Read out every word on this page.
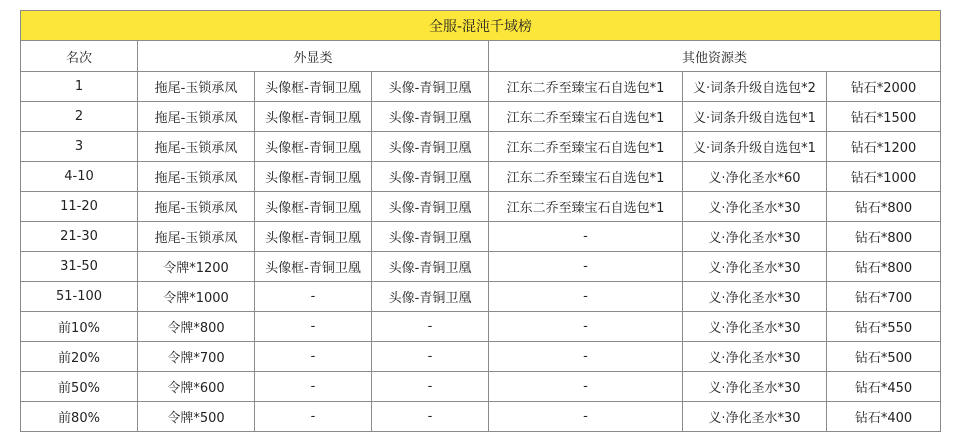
全服-混沌千域榜						
名次	外显类			其他资源类		
1	拖尾-玉锁承凤	头像框-青铜卫凰	头像-青铜卫凰	江东二乔至臻宝石自选包*1	义·词条升级自选包*2	钻石*2000
2	拖尾-玉锁承凤	头像框-青铜卫凰	头像-青铜卫凰	江东二乔至臻宝石自选包*1	义·词条升级自选包*1	钻石*1500
3	拖尾-玉锁承凤	头像框-青铜卫凰	头像-青铜卫凰	江东二乔至臻宝石自选包*1	义·词条升级自选包*1	钻石*1200
4-10	拖尾-玉锁承凤	头像框-青铜卫凰	头像-青铜卫凰	江东二乔至臻宝石自选包*1	义·净化圣水*60	钻石*1000
11-20	拖尾-玉锁承凤	头像框-青铜卫凰	头像-青铜卫凰	江东二乔至臻宝石自选包*1	义·净化圣水*30	钻石*800
21-30	拖尾-玉锁承凤	头像框-青铜卫凰	头像-青铜卫凰	-	义·净化圣水*30	钻石*800
31-50	令牌*1200	头像框-青铜卫凰	头像-青铜卫凰	-	义·净化圣水*30	钻石*800
51-100	令牌*1000	-	头像-青铜卫凰	-	义·净化圣水*30	钻石*700
前10%	令牌*800	-	-	-	义·净化圣水*30	钻石*550
前20%	令牌*700	-	-	-	义·净化圣水*30	钻石*500
前50%	令牌*600	-	-	-	义·净化圣水*30	钻石*450
前80%	令牌*500	-	-	-	义·净化圣水*30	钻石*400
